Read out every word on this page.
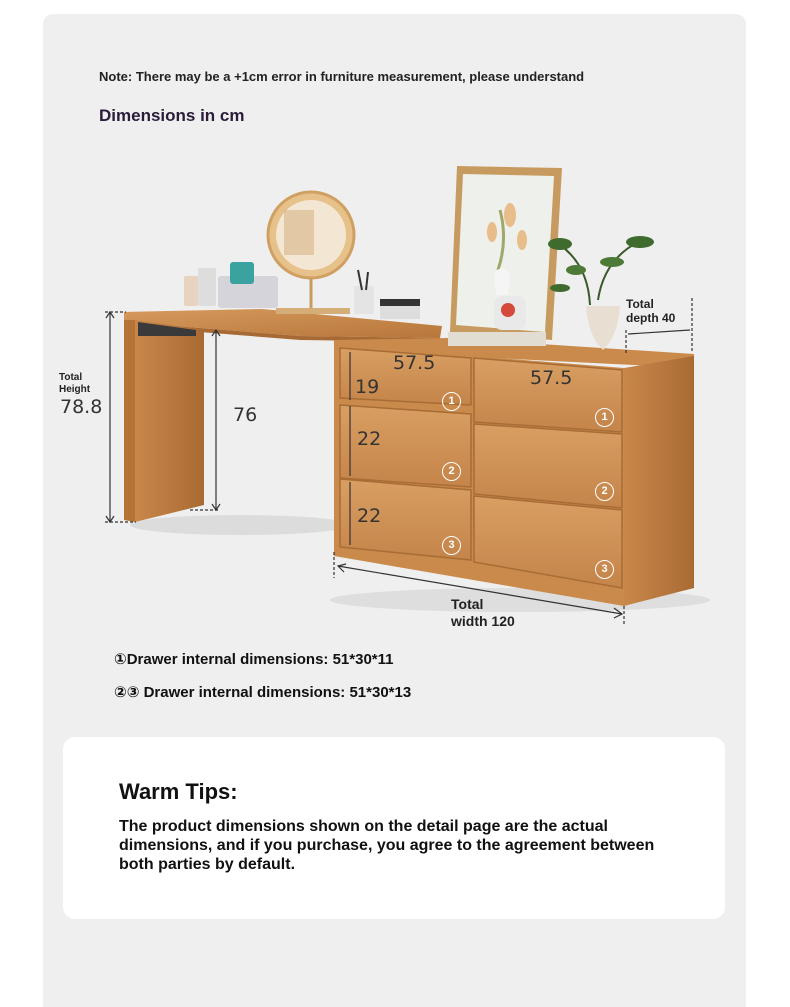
Note: There may be a +1cm error in furniture measurement, please understand
Dimensions in cm
Total
Height
78.8	76
57.5
57.5
19
22
22
Total
depth 40
Total
width 120
1
1
2
2
3
3
①Drawer internal dimensions: 51*30*11
②③ Drawer internal dimensions: 51*30*13
Warm Tips:
The product dimensions shown on the detail page are the actual dimensions, and if you purchase, you agree to the agreement between both parties by default.
